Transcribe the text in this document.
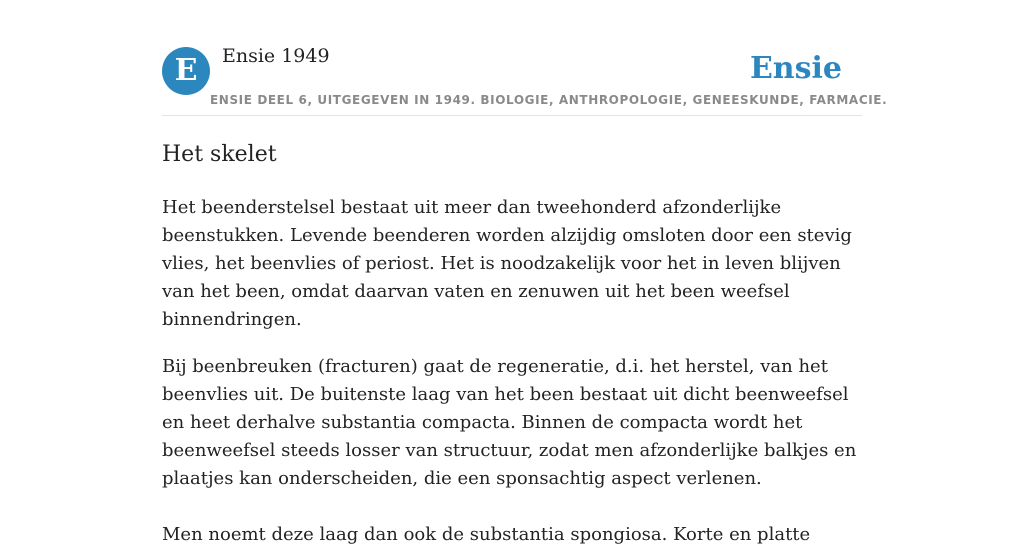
E	Ensie 1949	Ensie
ENSIE DEEL 6, UITGEGEVEN IN 1949. BIOLOGIE, ANTHROPOLOGIE, GENEESKUNDE, FARMACIE.
Het skelet

Het beenderstelsel bestaat uit meer dan tweehonderd afzonderlijke beenstukken. Levende beenderen worden alzijdig omsloten door een stevig vlies, het beenvlies of periost. Het is noodzakelijk voor het in leven blijven van het been, omdat daarvan vaten en zenuwen uit het been weefsel binnendringen.

Bij beenbreuken (fracturen) gaat de regeneratie, d.i. het herstel, van het beenvlies uit. De buitenste laag van het been bestaat uit dicht beenweefsel en heet derhalve substantia compacta. Binnen de compacta wordt het beenweefsel steeds losser van structuur, zodat men afzonderlijke balkjes en plaatjes kan onderscheiden, die een sponsachtig aspect verlenen.

Men noemt deze laag dan ook de substantia spongiosa. Korte en platte
